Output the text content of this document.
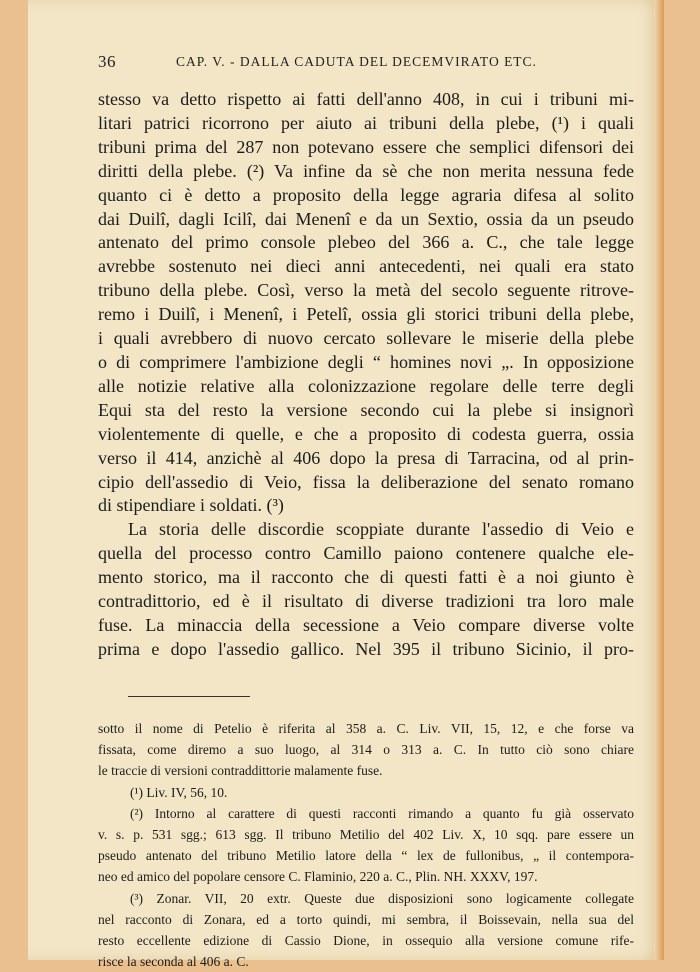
36	CAP. V. - DALLA CADUTA DEL DECEMVIRATO ETC.
stesso va detto rispetto ai fatti dell'anno 408, in cui i tribuni mi-
litari patrici ricorrono per aiuto ai tribuni della plebe, (¹) i quali
tribuni prima del 287 non potevano essere che semplici difensori dei
diritti della plebe. (²) Va infine da sè che non merita nessuna fede
quanto ci è detto a proposito della legge agraria difesa al solito
dai Duilî, dagli Icilî, dai Menenî e da un Sextio, ossia da un pseudo
antenato del primo console plebeo del 366 a. C., che tale legge
avrebbe sostenuto nei dieci anni antecedenti, nei quali era stato
tribuno della plebe. Così, verso la metà del secolo seguente ritrove-
remo i Duilî, i Menenî, i Petelî, ossia gli storici tribuni della plebe,
i quali avrebbero di nuovo cercato sollevare le miserie della plebe
o di comprimere l'ambizione degli “ homines novi „. In opposizione
alle notizie relative alla colonizzazione regolare delle terre degli
Equi sta del resto la versione secondo cui la plebe si insignorì
violentemente di quelle, e che a proposito di codesta guerra, ossia
verso il 414, anzichè al 406 dopo la presa di Tarracina, od al prin-
cipio dell'assedio di Veio, fissa la deliberazione del senato romano
di stipendiare i soldati. (³)
La storia delle discordie scoppiate durante l'assedio di Veio e
quella del processo contro Camillo paiono contenere qualche ele-
mento storico, ma il racconto che di questi fatti è a noi giunto è
contradittorio, ed è il risultato di diverse tradizioni tra loro male
fuse. La minaccia della secessione a Veio compare diverse volte
prima e dopo l'assedio gallico. Nel 395 il tribuno Sicinio, il pro-
sotto il nome di Petelio è riferita al 358 a. C. Liv. VII, 15, 12, e che forse va
fissata, come diremo a suo luogo, al 314 o 313 a. C. In tutto ciò sono chiare
le traccie di versioni contraddittorie malamente fuse.
(¹) Liv. IV, 56, 10.
(²) Intorno al carattere di questi racconti rimando a quanto fu già osservato
v. s. p. 531 sgg.; 613 sgg. Il tribuno Metilio del 402 Liv. X, 10 sqq. pare essere un
pseudo antenato del tribuno Metilio latore della “ lex de fullonibus, „ il contempora-
neo ed amico del popolare censore C. Flaminio, 220 a. C., Plin. NH. XXXV, 197.
(³) Zonar. VII, 20 extr. Queste due disposizioni sono logicamente collegate
nel racconto di Zonara, ed a torto quindi, mi sembra, il Boissevain, nella sua del
resto eccellente edizione di Cassio Dione, in ossequio alla versione comune rife-
risce la seconda al 406 a. C.
